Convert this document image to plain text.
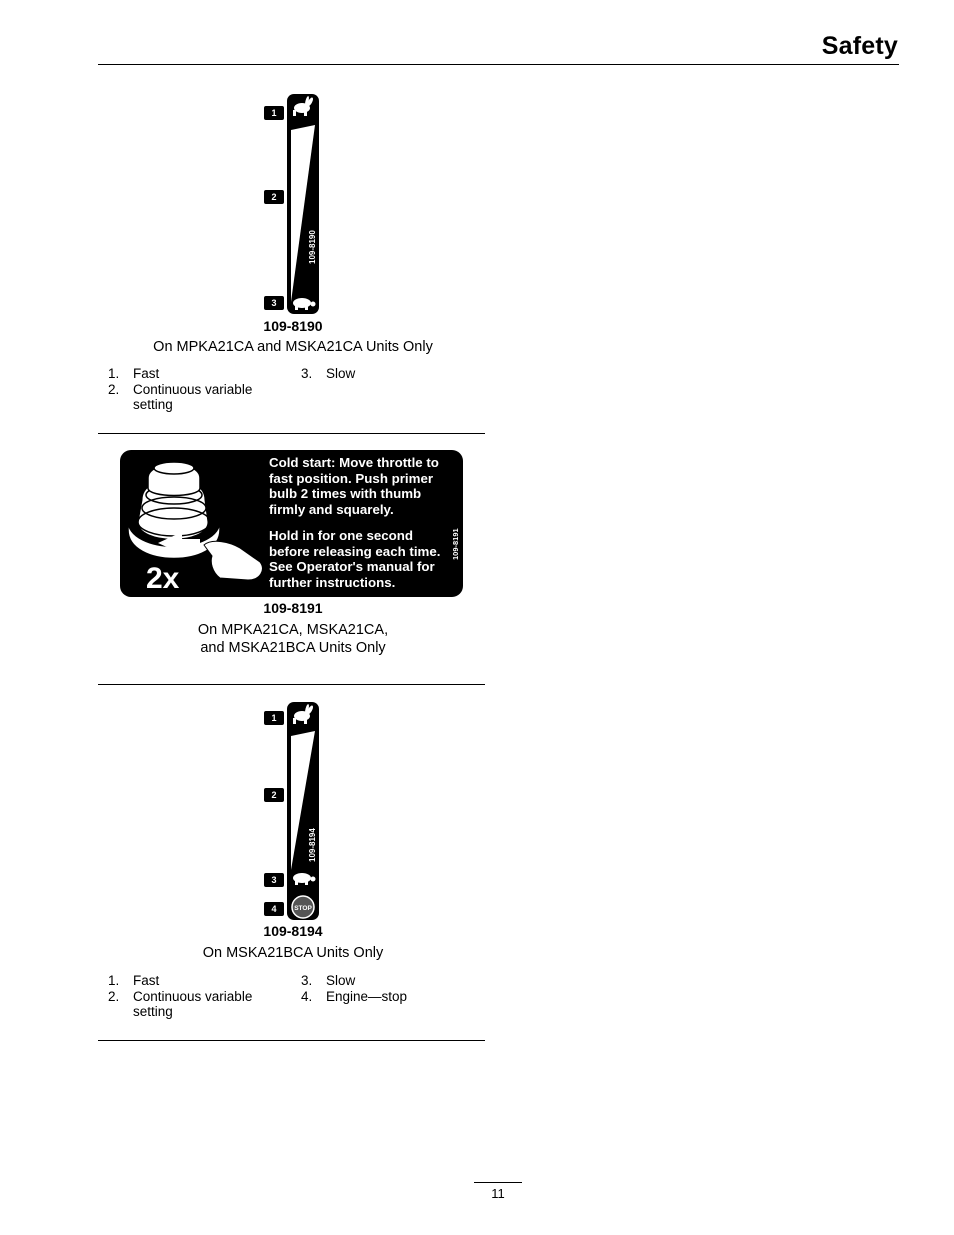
Safety
109-8190
1
2
3
109-8190
On MPKA21CA and MSKA21CA Units Only
1. Fast
2. Continuous variable setting
3. Slow
2x
109-8191
Cold start: Move throttle to
fast position. Push primer
bulb 2 times with thumb
firmly and squarely.
Hold in for one second
before releasing each time.
See Operator's manual for
further instructions.
109-8191
On MPKA21CA, MSKA21CA,
and MSKA21BCA Units Only
STOP
109-8194
1
2
3
4
109-8194
On MSKA21BCA Units Only
1. Fast
2. Continuous variable setting
3. Slow
4. Engine—stop
11
